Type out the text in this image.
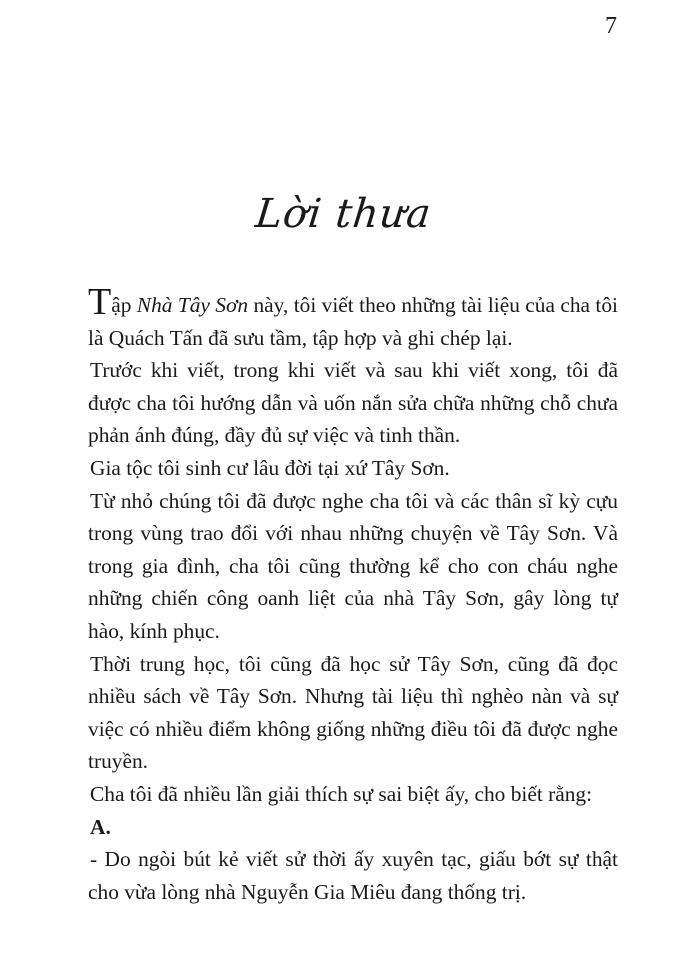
7
Lời thưa

Tập Nhà Tây Sơn này, tôi viết theo những tài liệu của cha tôi là Quách Tấn đã sưu tầm, tập hợp và ghi chép lại.

Trước khi viết, trong khi viết và sau khi viết xong, tôi đã được cha tôi hướng dẫn và uốn nắn sửa chữa những chỗ chưa phản ánh đúng, đầy đủ sự việc và tinh thần.

Gia tộc tôi sinh cư lâu đời tại xứ Tây Sơn.

Từ nhỏ chúng tôi đã được nghe cha tôi và các thân sĩ kỳ cựu trong vùng trao đổi với nhau những chuyện về Tây Sơn. Và trong gia đình, cha tôi cũng thường kể cho con cháu nghe những chiến công oanh liệt của nhà Tây Sơn, gây lòng tự hào, kính phục.

Thời trung học, tôi cũng đã học sử Tây Sơn, cũng đã đọc nhiều sách về Tây Sơn. Nhưng tài liệu thì nghèo nàn và sự việc có nhiều điểm không giống những điều tôi đã được nghe truyền.

Cha tôi đã nhiều lần giải thích sự sai biệt ấy, cho biết rằng:

A.

- Do ngòi bút kẻ viết sử thời ấy xuyên tạc, giấu bớt sự thật cho vừa lòng nhà Nguyễn Gia Miêu đang thống trị.
